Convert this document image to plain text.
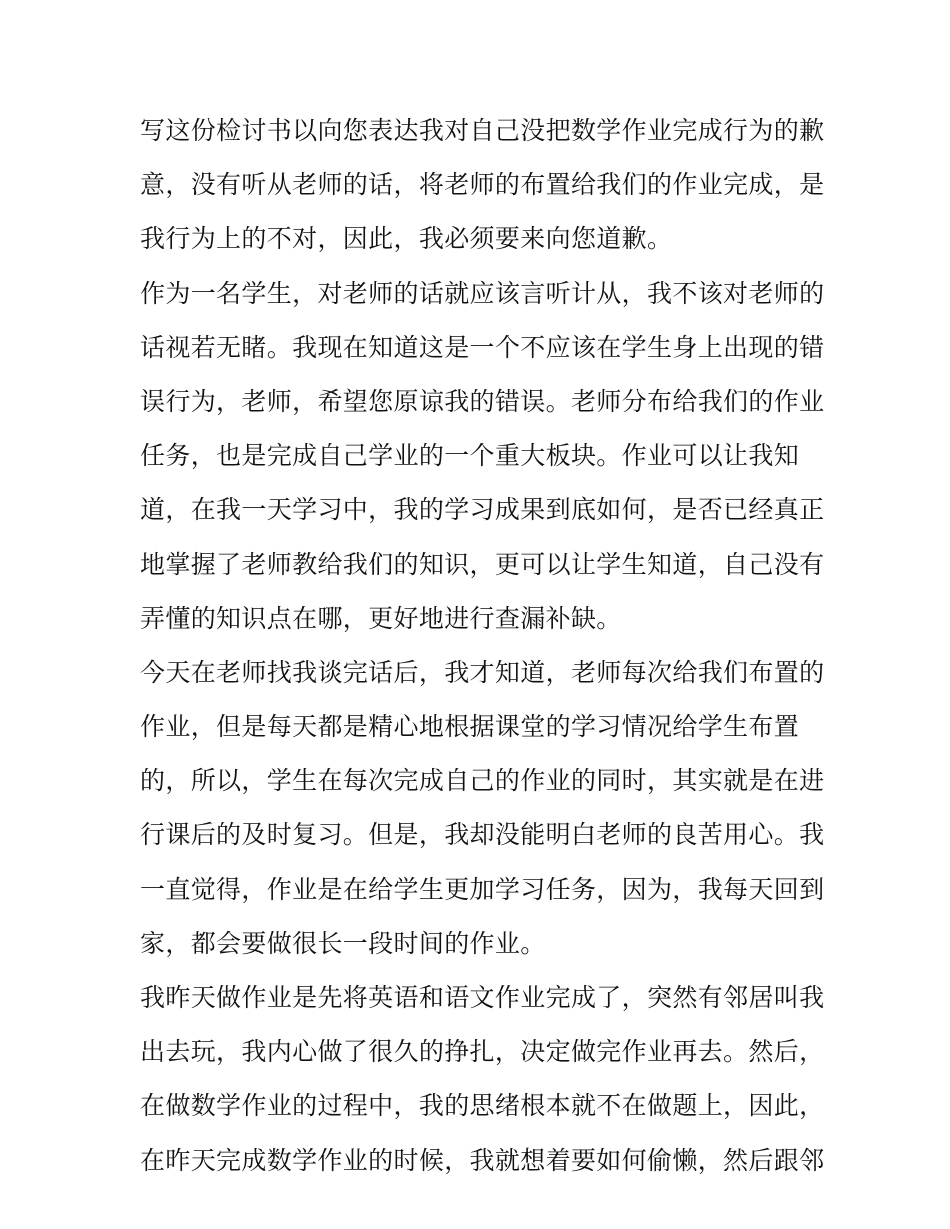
写这份检讨书以向您表达我对自己没把数学作业完成行为的歉
意，没有听从老师的话，将老师的布置给我们的作业完成，是
我行为上的不对，因此，我必须要来向您道歉。
作为一名学生，对老师的话就应该言听计从，我不该对老师的
话视若无睹。我现在知道这是一个不应该在学生身上出现的错
误行为，老师，希望您原谅我的错误。老师分布给我们的作业
任务，也是完成自己学业的一个重大板块。作业可以让我知
道，在我一天学习中，我的学习成果到底如何，是否已经真正
地掌握了老师教给我们的知识，更可以让学生知道，自己没有
弄懂的知识点在哪，更好地进行查漏补缺。
今天在老师找我谈完话后，我才知道，老师每次给我们布置的
作业，但是每天都是精心地根据课堂的学习情况给学生布置
的，所以，学生在每次完成自己的作业的同时，其实就是在进
行课后的及时复习。但是，我却没能明白老师的良苦用心。我
一直觉得，作业是在给学生更加学习任务，因为，我每天回到
家，都会要做很长一段时间的作业。
我昨天做作业是先将英语和语文作业完成了，突然有邻居叫我
出去玩，我内心做了很久的挣扎，决定做完作业再去。然后，
在做数学作业的过程中，我的思绪根本就不在做题上，因此，
在昨天完成数学作业的时候，我就想着要如何偷懒，然后跟邻
